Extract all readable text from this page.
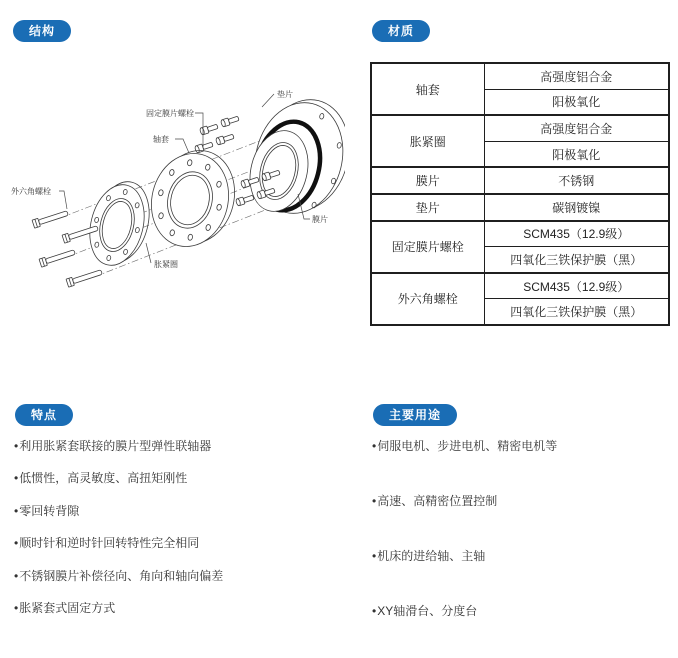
结构	材质
特点	主要用途
垫片
固定膜片螺栓
轴套
外六角螺栓
胀紧圈
膜片
轴套	高强度铝合金
	阳极氧化
胀紧圈	高强度铝合金
	阳极氧化
膜片	不锈钢
垫片	碳钢镀镍
固定膜片螺栓	SCM435（12.9级）
	四氧化三铁保护膜（黑）
外六角螺栓	SCM435（12.9级）
	四氧化三铁保护膜（黑）
•利用胀紧套联接的膜片型弹性联轴器
•低惯性，高灵敏度、高扭矩刚性
•零回转背隙
•顺时针和逆时针回转特性完全相同
•不锈钢膜片补偿径向、角向和轴向偏差
•胀紧套式固定方式
•伺服电机、步进电机、精密电机等
•高速、高精密位置控制
•机床的进给轴、主轴
•XY轴滑台、分度台
